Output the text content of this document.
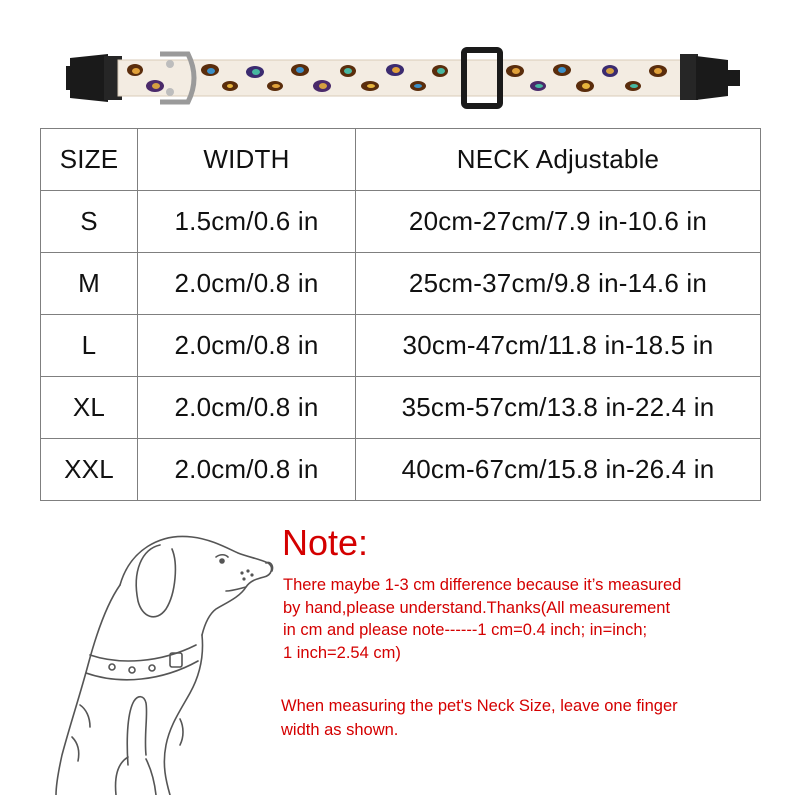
SIZE	WIDTH	NECK Adjustable
S	1.5cm/0.6 in	20cm-27cm/7.9 in-10.6 in
M	2.0cm/0.8 in	25cm-37cm/9.8 in-14.6 in
L	2.0cm/0.8 in	30cm-47cm/11.8 in-18.5 in
XL	2.0cm/0.8 in	35cm-57cm/13.8 in-22.4 in
XXL	2.0cm/0.8 in	40cm-67cm/15.8 in-26.4 in
Note:

There maybe 1-3 cm difference because it’s measured
by hand,please understand.Thanks(All measurement
in cm and please note------1 cm=0.4 inch; in=inch;
1 inch=2.54 cm)

When measuring the pet's Neck Size, leave one finger
width as shown.
